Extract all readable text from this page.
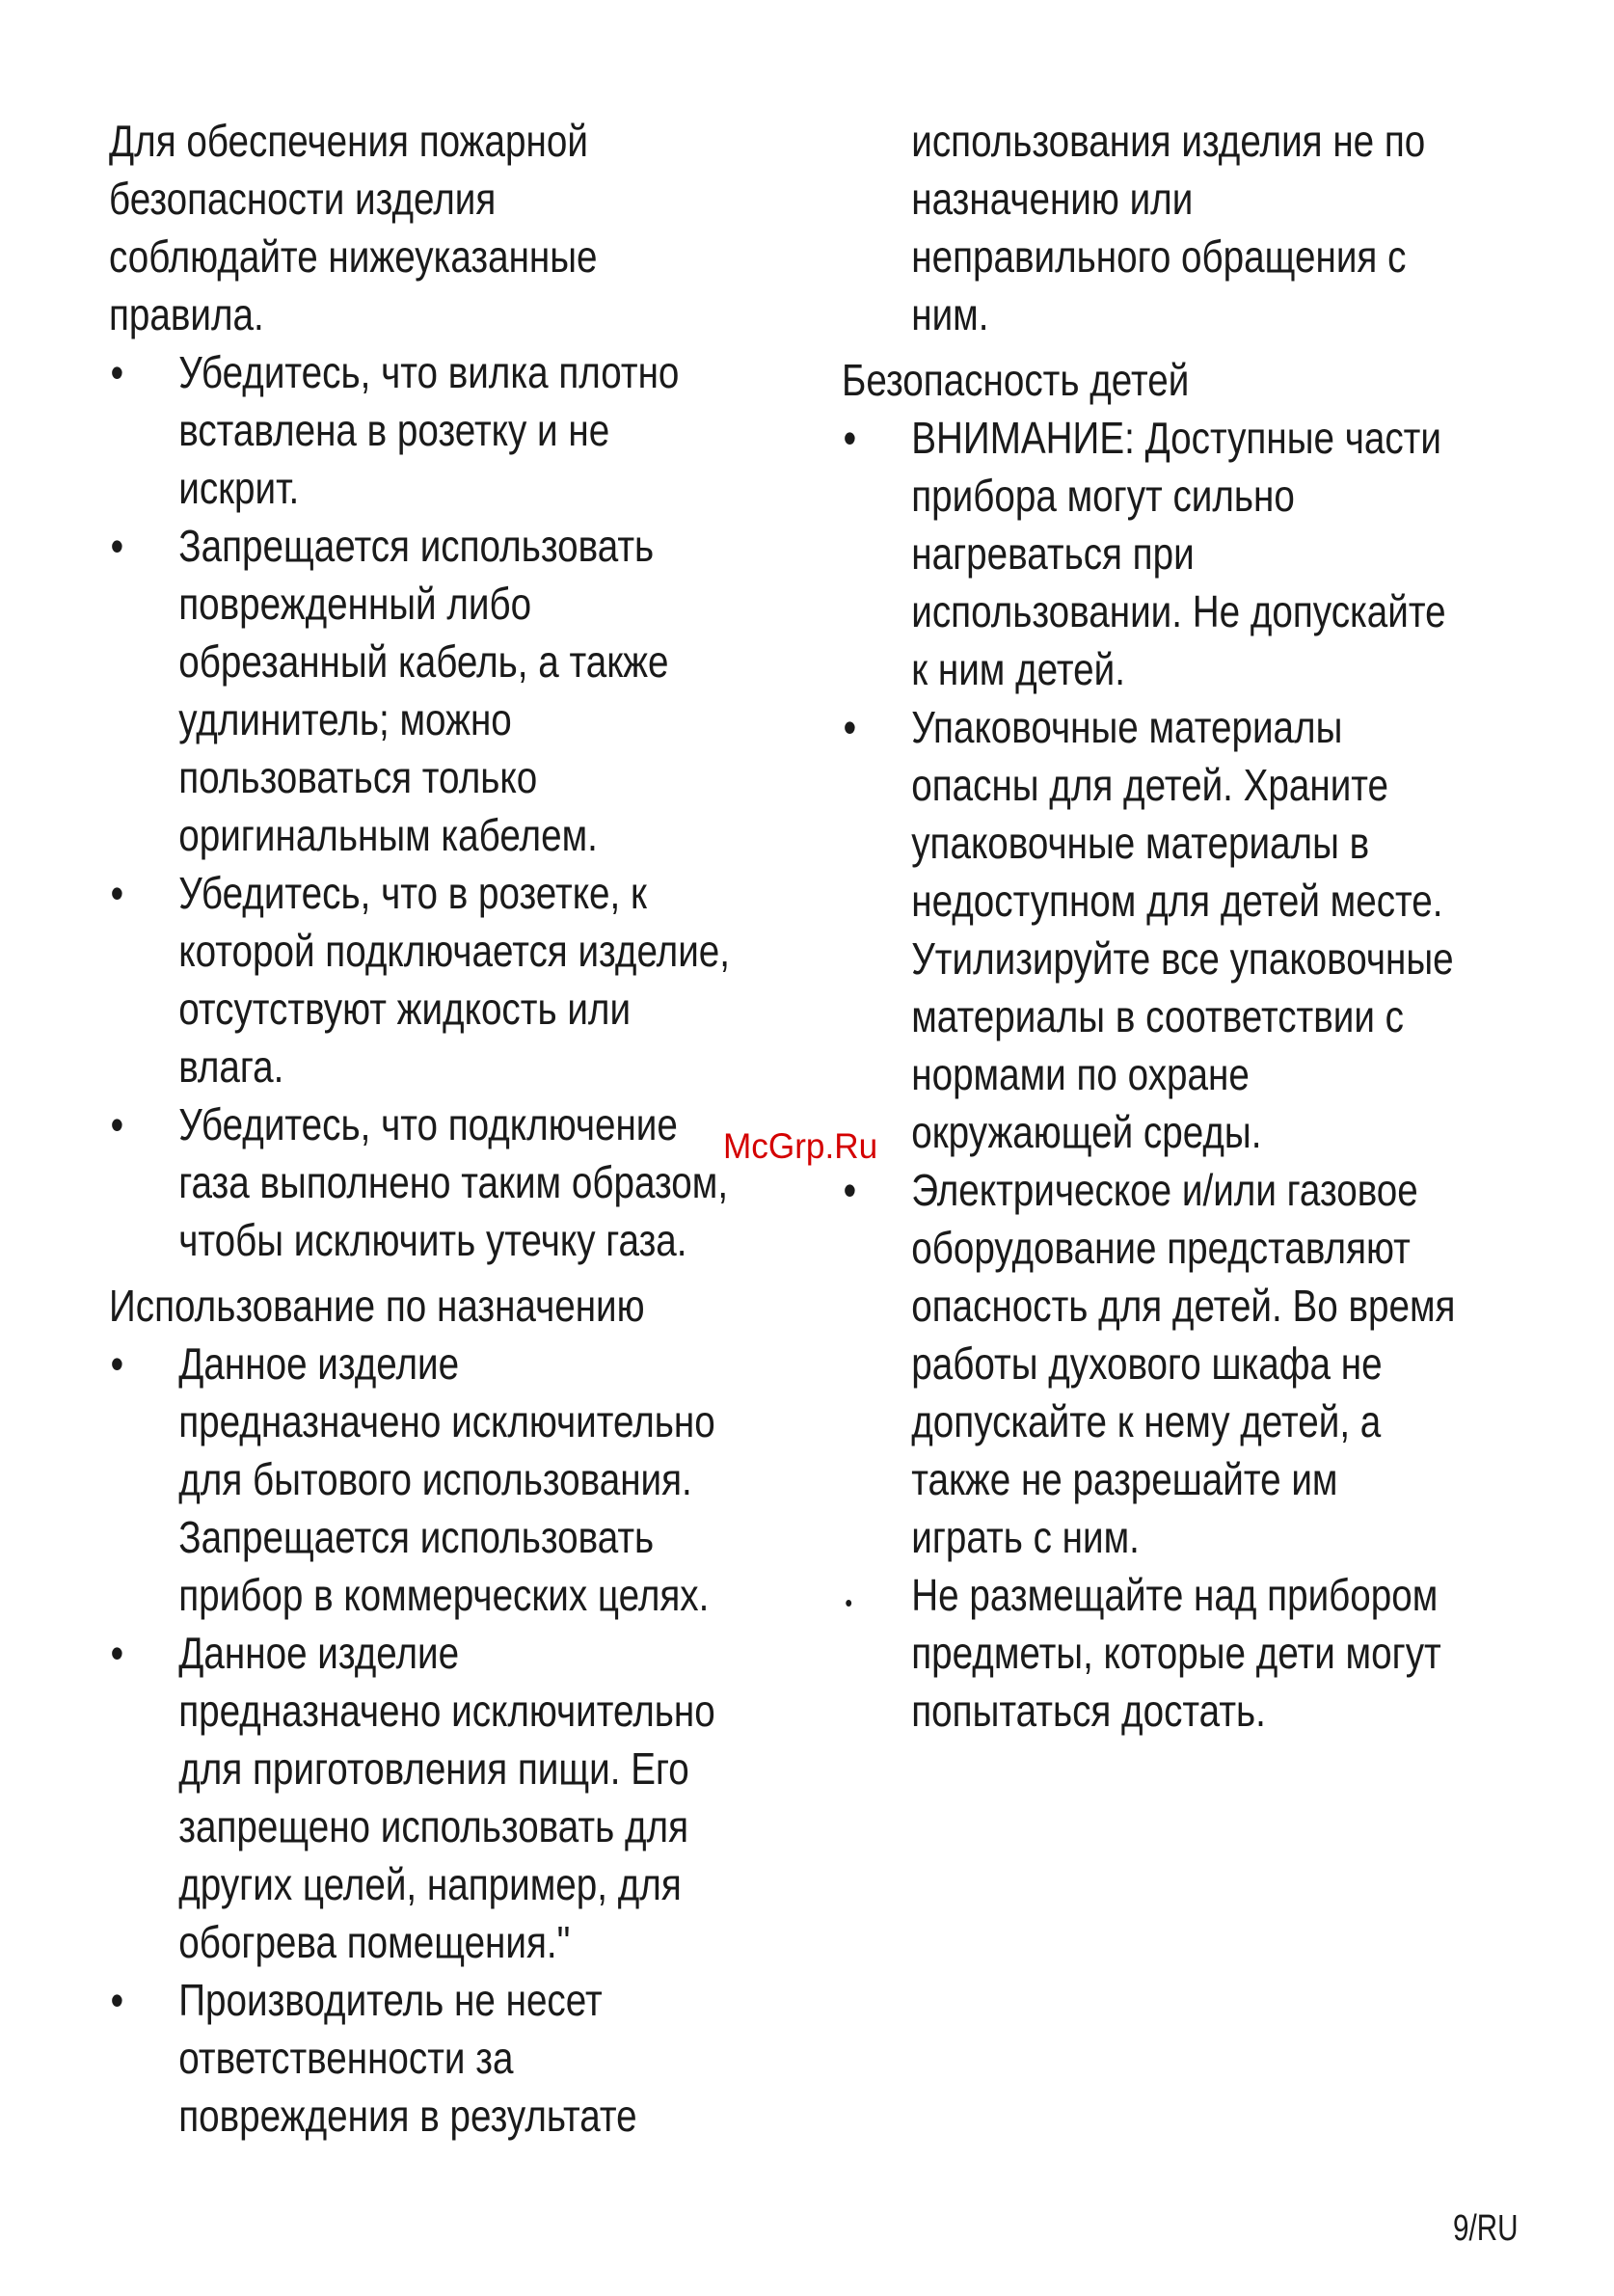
Для обеспечения пожарной
безопасности изделия
соблюдайте нижеуказанные
правила.

• Убедитесь, что вилка плотно
вставлена в розетку и не
искрит.
• Запрещается использовать
поврежденный либо
обрезанный кабель, а также
удлинитель; можно
пользоваться только
оригинальным кабелем.
• Убедитесь, что в розетке, к
которой подключается изделие,
отсутствуют жидкость или
влага.
• Убедитесь, что подключение
газа выполнено таким образом,
чтобы исключить утечку газа.

Использование по назначению

• Данное изделие
предназначено исключительно
для бытового использования.
Запрещается использовать
прибор в коммерческих целях.
• Данное изделие
предназначено исключительно
для приготовления пищи. Его
запрещено использовать для
других целей, например, для
обогрева помещения."
• Производитель не несет
ответственности за
повреждения в результате

использования изделия не по
назначению или
неправильного обращения с
ним.

Безопасность детей

• ВНИМАНИЕ: Доступные части
прибора могут сильно
нагреваться при
использовании. Не допускайте
к ним детей.
• Упаковочные материалы
опасны для детей. Храните
упаковочные материалы в
недоступном для детей месте.
Утилизируйте все упаковочные
материалы в соответствии с
нормами по охране
окружающей среды.
• Электрическое и/или газовое
оборудование представляют
опасность для детей. Во время
работы духового шкафа не
допускайте к нему детей, а
также не разрешайте им
играть с ним.
• Не размещайте над прибором
предметы, которые дети могут
попытаться достать.
McGrp.Ru
9/RU
